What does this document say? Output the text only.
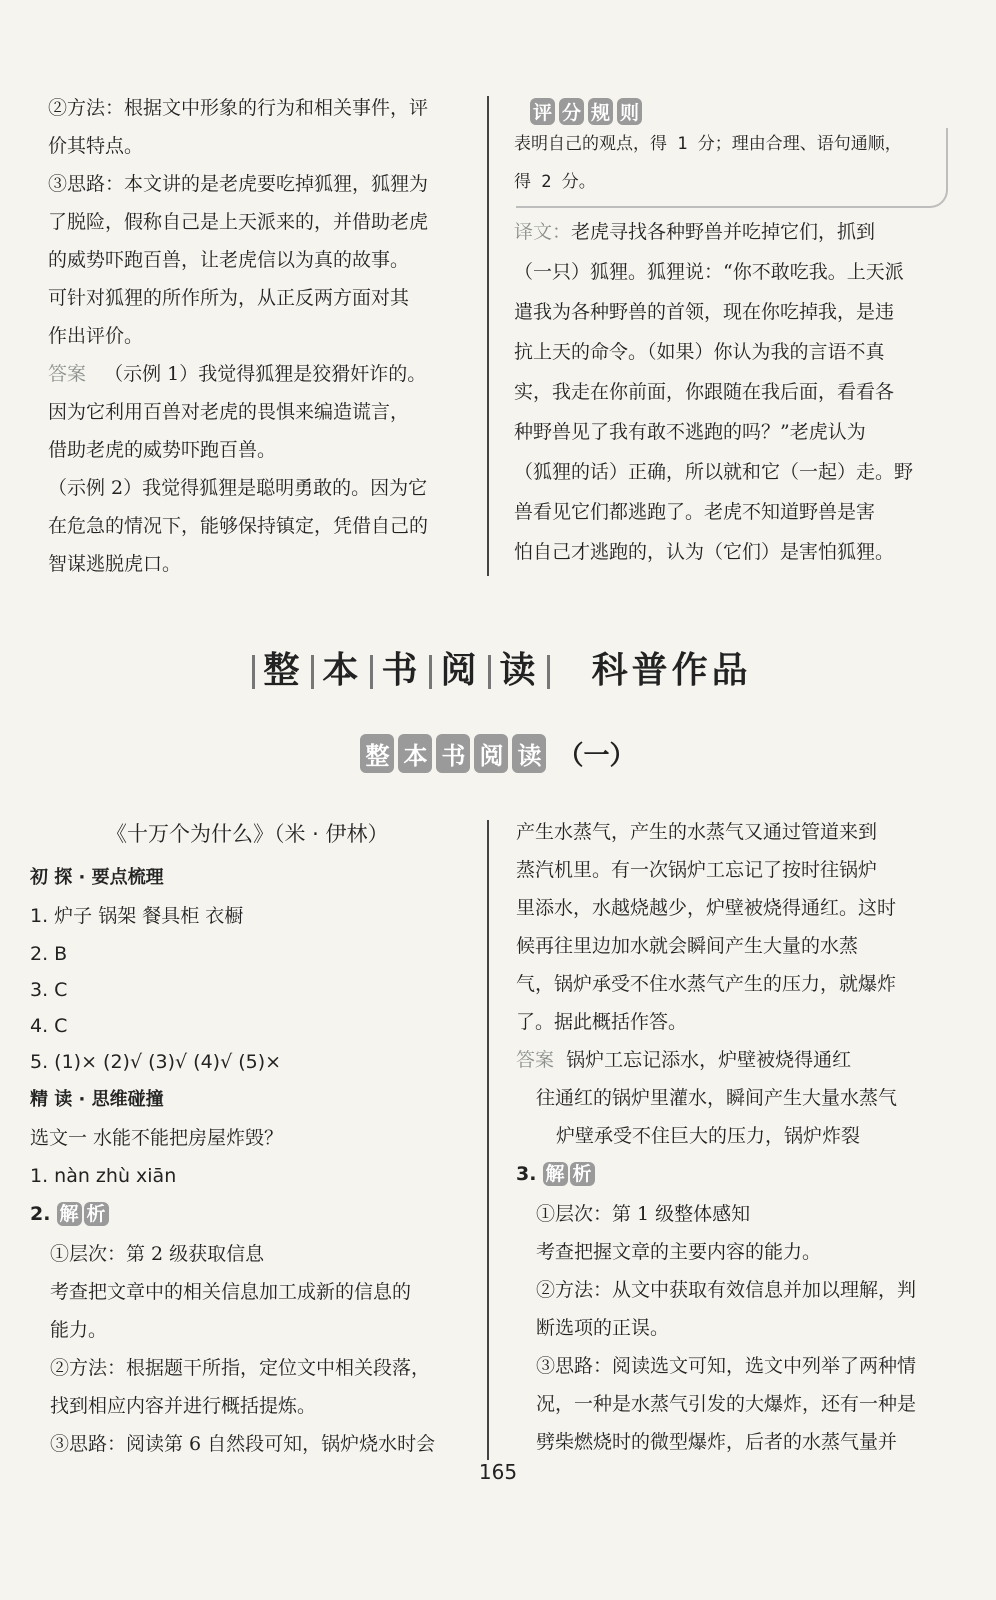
②方法：根据文中形象的行为和相关事件，评
价其特点。
③思路：本文讲的是老虎要吃掉狐狸，狐狸为
了脱险，假称自己是上天派来的，并借助老虎
的威势吓跑百兽，让老虎信以为真的故事。
可针对狐狸的所作所为，从正反两方面对其
作出评价。
答案 （示例 1）我觉得狐狸是狡猾奸诈的。
因为它利用百兽对老虎的畏惧来编造谎言，
借助老虎的威势吓跑百兽。
（示例 2）我觉得狐狸是聪明勇敢的。因为它
在危急的情况下，能够保持镇定，凭借自己的
智谋逃脱虎口。
评 分 规 则
表明自己的观点，得 1 分；理由合理、语句通顺，
得 2 分。
译文：老虎寻找各种野兽并吃掉它们，抓到
（一只）狐狸。狐狸说：“你不敢吃我。上天派
遣我为各种野兽的首领，现在你吃掉我，是违
抗上天的命令。（如果）你认为我的言语不真
实，我走在你前面，你跟随在我后面，看看各
种野兽见了我有敢不逃跑的吗？”老虎认为
（狐狸的话）正确，所以就和它（一起）走。野
兽看见它们都逃跑了。老虎不知道野兽是害
怕自己才逃跑的，认为（它们）是害怕狐狸。
整 本 书 阅 读 科普作品
整 本 书 阅 读 （一）
《十万个为什么》（米 · 伊林）
初 探 · 要点梳理
1. 炉子 锅架 餐具柜 衣橱
2. B
3. C
4. C
5. (1)× (2)√ (3)√ (4)√ (5)×
精 读 · 思维碰撞
选文一 水能不能把房屋炸毁？
1. nàn zhù xiān
2. 解 析
①层次：第 2 级获取信息
考查把文章中的相关信息加工成新的信息的
能力。
②方法：根据题干所指，定位文中相关段落，
找到相应内容并进行概括提炼。
③思路：阅读第 6 自然段可知，锅炉烧水时会
产生水蒸气，产生的水蒸气又通过管道来到
蒸汽机里。有一次锅炉工忘记了按时往锅炉
里添水，水越烧越少，炉壁被烧得通红。这时
候再往里边加水就会瞬间产生大量的水蒸
气，锅炉承受不住水蒸气产生的压力，就爆炸
了。据此概括作答。
答案 锅炉工忘记添水，炉壁被烧得通红
往通红的锅炉里灌水，瞬间产生大量水蒸气
炉壁承受不住巨大的压力，锅炉炸裂
3. 解 析
①层次：第 1 级整体感知
考查把握文章的主要内容的能力。
②方法：从文中获取有效信息并加以理解，判
断选项的正误。
③思路：阅读选文可知，选文中列举了两种情
况，一种是水蒸气引发的大爆炸，还有一种是
劈柴燃烧时的微型爆炸，后者的水蒸气量并
165
